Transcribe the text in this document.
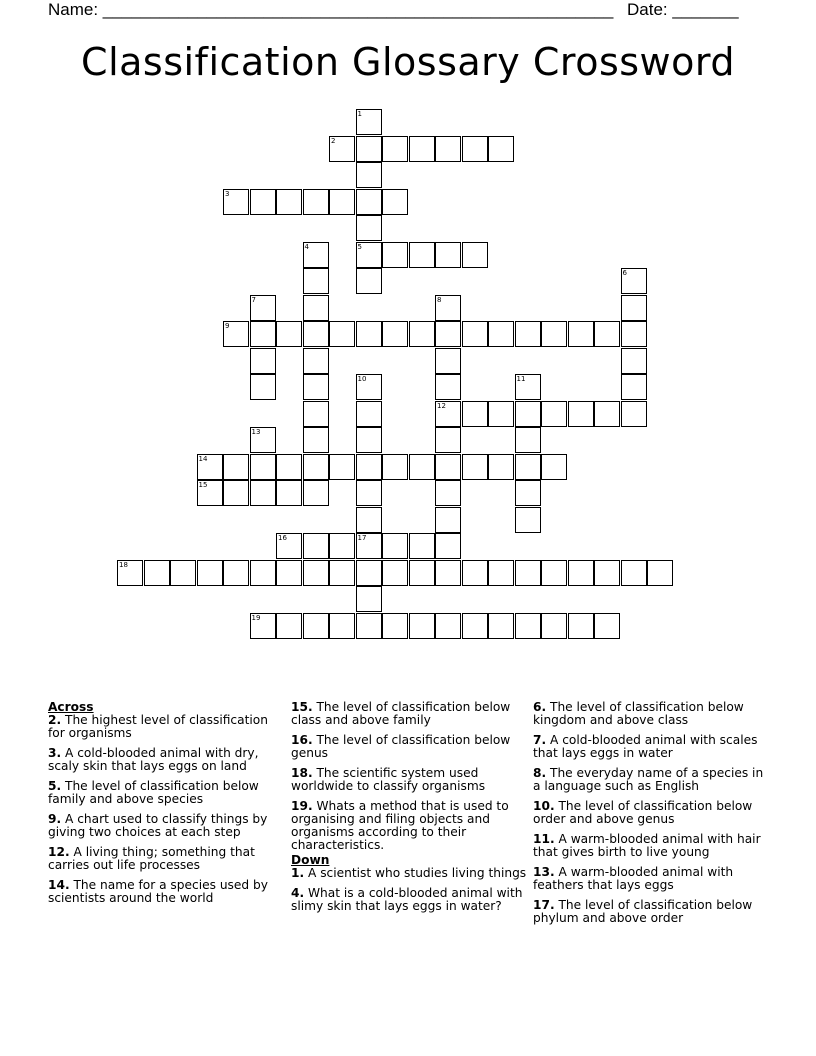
Name: ______________________________________________________ Date: _______
Classification Glossary Crossword
1
5
2
3
4
6
7	8
12
9
10	11
13
14
15
16	17
18
19
Across
2. The highest level of classification for organisms
3. A cold-blooded animal with dry, scaly skin that lays eggs on land
5. The level of classification below family and above species
9. A chart used to classify things by giving two choices at each step
12. A living thing; something that carries out life processes
14. The name for a species used by scientists around the world
15. The level of classification below class and above family
16. The level of classification below genus
18. The scientific system used worldwide to classify organisms
19. Whats a method that is used to organising and filing objects and organisms according to their characteristics.
Down
1. A scientist who studies living things
4. What is a cold-blooded animal with slimy skin that lays eggs in water?
6. The level of classification below kingdom and above class
7. A cold-blooded animal with scales that lays eggs in water
8. The everyday name of a species in a language such as English
10. The level of classification below order and above genus
11. A warm-blooded animal with hair that gives birth to live young
13. A warm-blooded animal with feathers that lays eggs
17. The level of classification below phylum and above order
